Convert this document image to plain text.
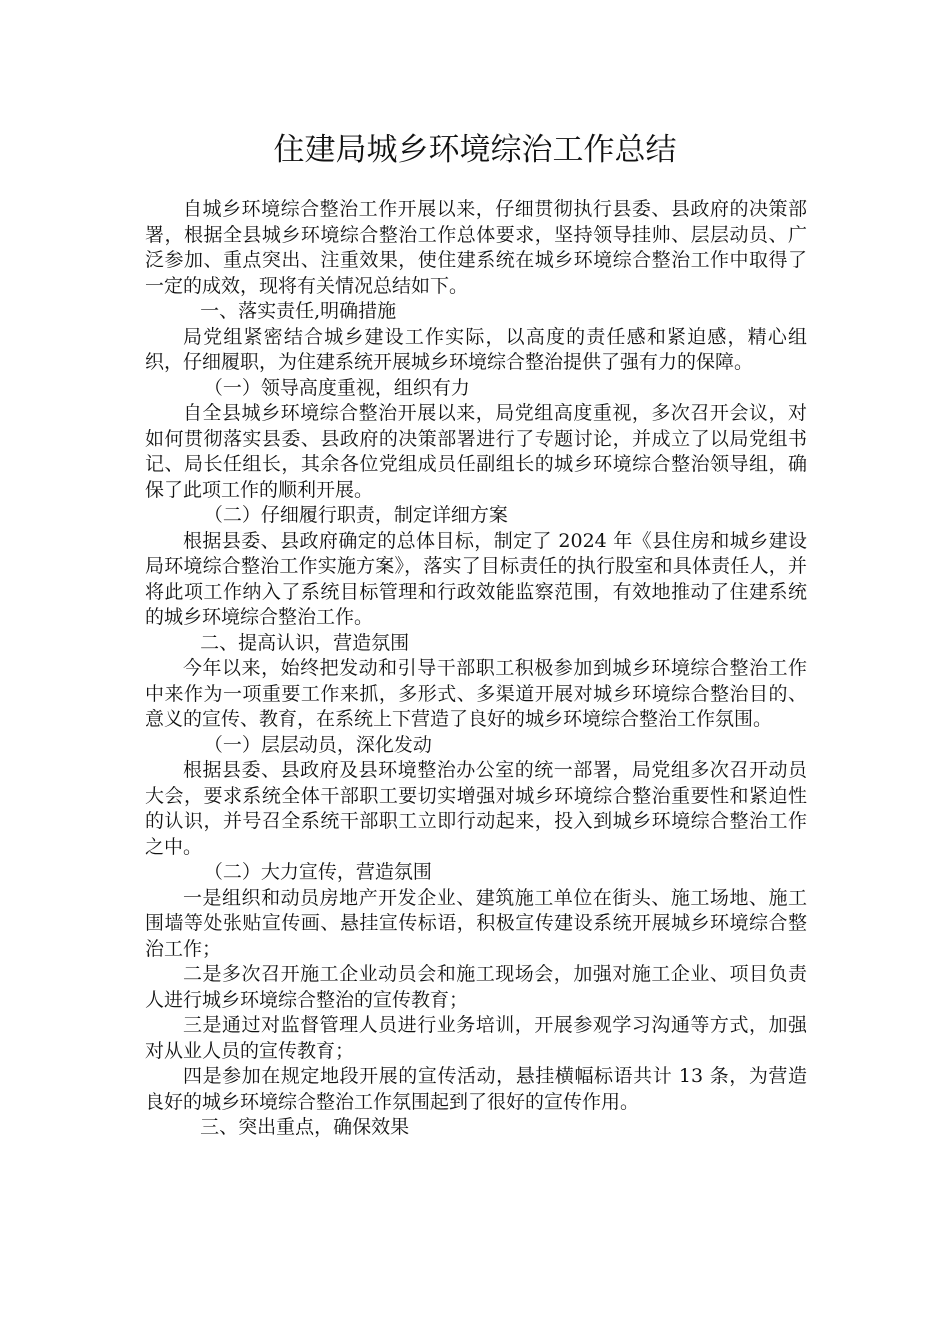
住建局城乡环境综治工作总结

自城乡环境综合整治工作开展以来，仔细贯彻执行县委、县政府的决策部署，根据全县城乡环境综合整治工作总体要求，坚持领导挂帅、层层动员、广泛参加、重点突出、注重效果，使住建系统在城乡环境综合整治工作中取得了一定的成效，现将有关情况总结如下。

一、落实责任,明确措施

局党组紧密结合城乡建设工作实际，以高度的责任感和紧迫感，精心组织，仔细履职，为住建系统开展城乡环境综合整治提供了强有力的保障。

（一）领导高度重视，组织有力

自全县城乡环境综合整治开展以来，局党组高度重视，多次召开会议，对如何贯彻落实县委、县政府的决策部署进行了专题讨论，并成立了以局党组书记、局长任组长，其余各位党组成员任副组长的城乡环境综合整治领导组，确保了此项工作的顺利开展。

（二）仔细履行职责，制定详细方案

根据县委、县政府确定的总体目标，制定了 2024 年《县住房和城乡建设局环境综合整治工作实施方案》，落实了目标责任的执行股室和具体责任人，并将此项工作纳入了系统目标管理和行政效能监察范围，有效地推动了住建系统的城乡环境综合整治工作。

二、提高认识，营造氛围

今年以来，始终把发动和引导干部职工积极参加到城乡环境综合整治工作中来作为一项重要工作来抓，多形式、多渠道开展对城乡环境综合整治目的、意义的宣传、教育，在系统上下营造了良好的城乡环境综合整治工作氛围。

（一）层层动员，深化发动

根据县委、县政府及县环境整治办公室的统一部署，局党组多次召开动员大会，要求系统全体干部职工要切实增强对城乡环境综合整治重要性和紧迫性的认识，并号召全系统干部职工立即行动起来，投入到城乡环境综合整治工作之中。

（二）大力宣传，营造氛围

一是组织和动员房地产开发企业、建筑施工单位在街头、施工场地、施工围墙等处张贴宣传画、悬挂宣传标语，积极宣传建设系统开展城乡环境综合整治工作；

二是多次召开施工企业动员会和施工现场会，加强对施工企业、项目负责人进行城乡环境综合整治的宣传教育；

三是通过对监督管理人员进行业务培训，开展参观学习沟通等方式，加强对从业人员的宣传教育；

四是参加在规定地段开展的宣传活动，悬挂横幅标语共计 13 条，为营造良好的城乡环境综合整治工作氛围起到了很好的宣传作用。

三、突出重点，确保效果
